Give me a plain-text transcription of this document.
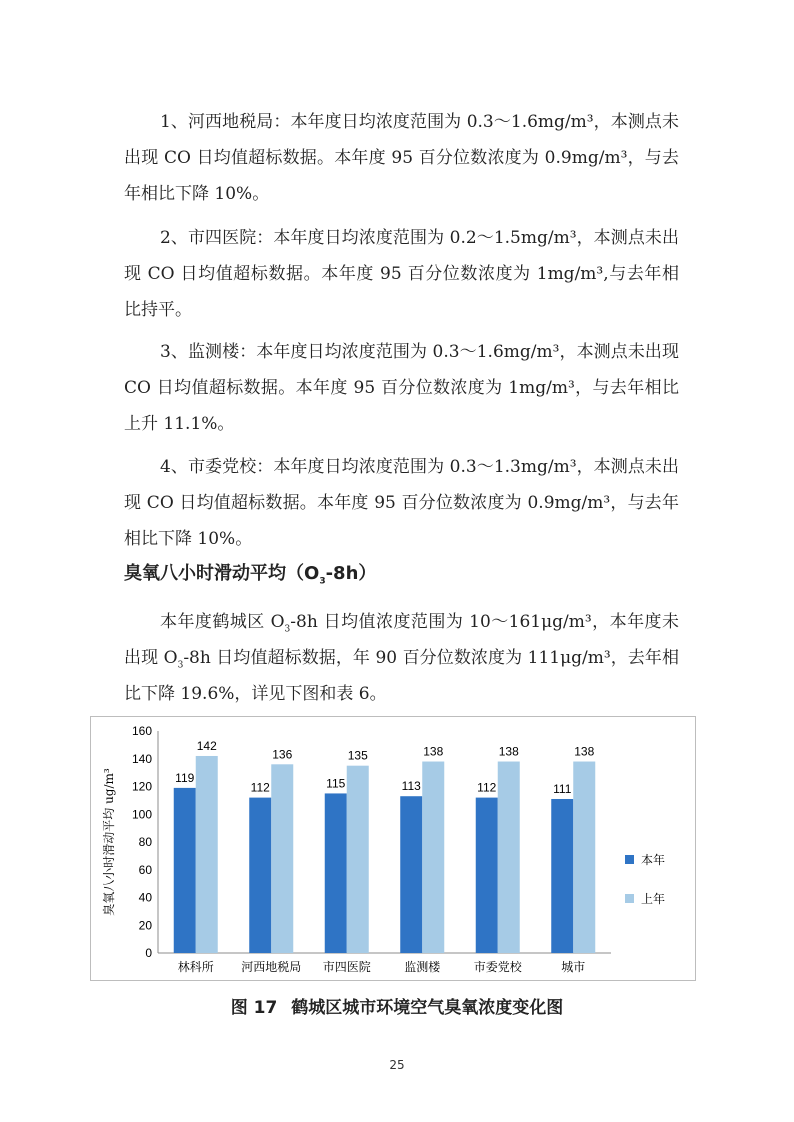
1、河西地税局：本年度日均浓度范围为 0.3～1.6mg/m³，本测点未出现 CO 日均值超标数据。本年度 95 百分位数浓度为 0.9mg/m³，与去年相比下降 10%。

2、市四医院：本年度日均浓度范围为 0.2～1.5mg/m³，本测点未出现 CO 日均值超标数据。本年度 95 百分位数浓度为 1mg/m³,与去年相比持平。

3、监测楼：本年度日均浓度范围为 0.3～1.6mg/m³，本测点未出现 CO 日均值超标数据。本年度 95 百分位数浓度为 1mg/m³，与去年相比上升 11.1%。

4、市委党校：本年度日均浓度范围为 0.3～1.3mg/m³，本测点未出现 CO 日均值超标数据。本年度 95 百分位数浓度为 0.9mg/m³，与去年相比下降 10%。

臭氧八小时滑动平均$(O_3-8h)$

本年度鹤城区 $O_3-8h$ 日均值浓度范围为 10～161μg/m³，本年度未出现 $O_3-8h$ 日均值超标数据，年 90 百分位数浓度为 111μg/m³，去年相比下降 19.6%，详见下图和表 6。

0
20
40
60
80
100
120
140
160
林科所
119
142
河西地税局
112
136
市四医院
115
135
监测楼
113
138
市委党校
112
138
城市
111
138
臭氧八小时滑动平均 ug/m³	本年
上年

图 17 鹤城区城市环境空气臭氧浓度变化图

25
